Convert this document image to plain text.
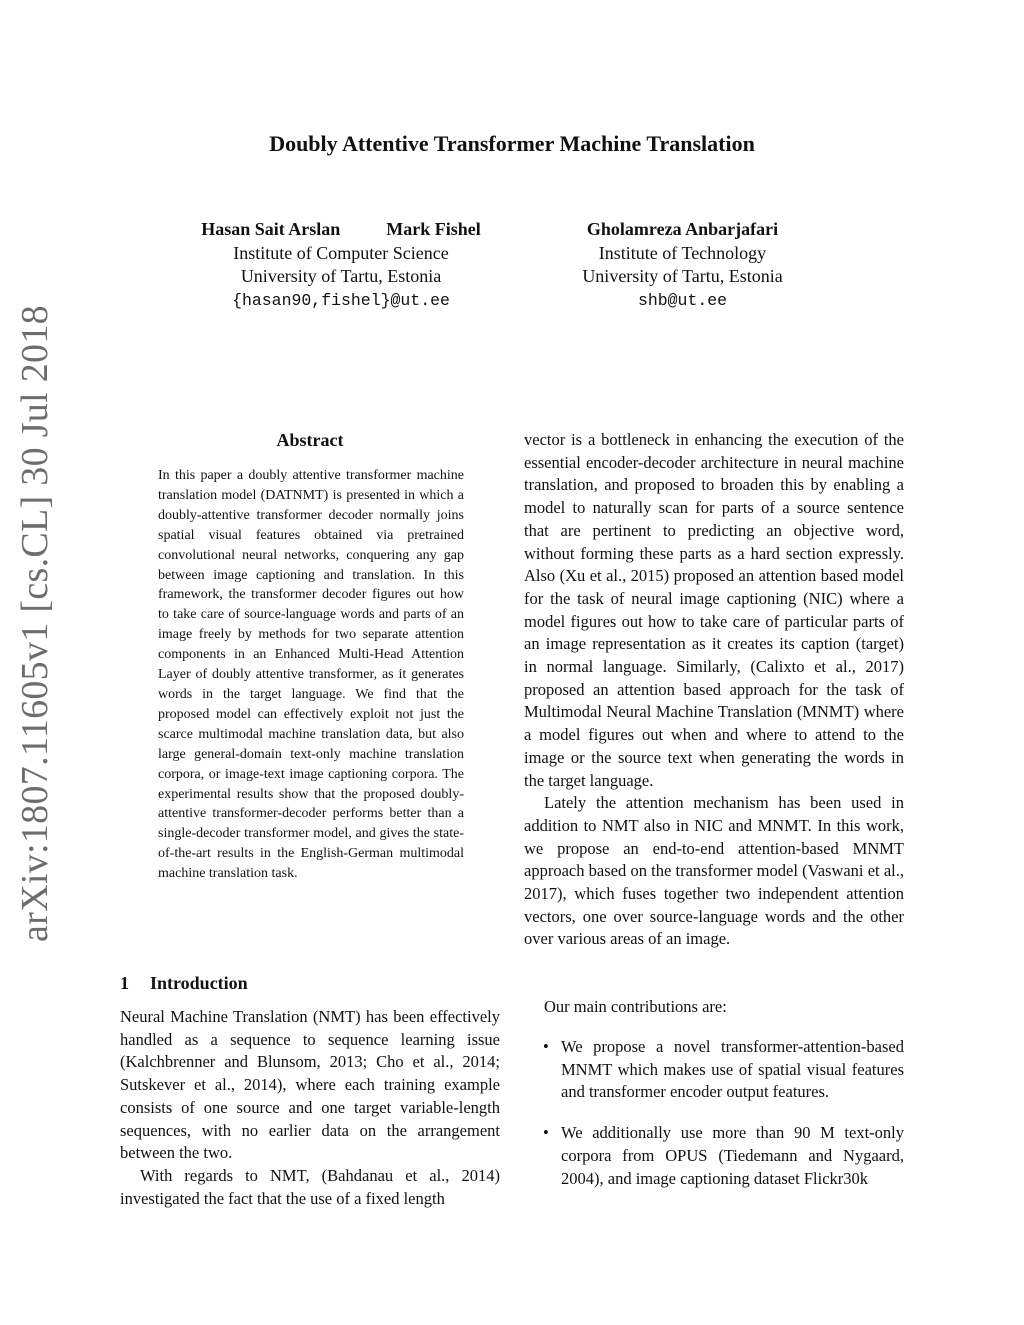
Doubly Attentive Transformer Machine Translation
Hasan Sait Arslan	Mark Fishel
Institute of Computer Science
University of Tartu, Estonia
{hasan90,fishel}@ut.ee
Gholamreza Anbarjafari
Institute of Technology
University of Tartu, Estonia
shb@ut.ee
arXiv:1807.11605v1 [cs.CL] 30 Jul 2018	Abstract
In this paper a doubly attentive transformer machine translation model (DATNMT) is presented in which a doubly-attentive transformer decoder normally joins spatial visual features obtained via pretrained convolutional neural networks, conquering any gap between image captioning and translation. In this framework, the transformer decoder figures out how to take care of source-language words and parts of an image freely by methods for two separate attention components in an Enhanced Multi-Head Attention Layer of doubly attentive transformer, as it generates words in the target language. We find that the proposed model can effectively exploit not just the scarce multimodal machine translation data, but also large general-domain text-only machine translation corpora, or image-text image captioning corpora. The experimental results show that the proposed doubly-attentive transformer-decoder performs better than a single-decoder transformer model, and gives the state-of-the-art results in the English-German multimodal machine translation task.
1 Introduction

Neural Machine Translation (NMT) has been effectively handled as a sequence to sequence learning issue (Kalchbrenner and Blunsom, 2013; Cho et al., 2014; Sutskever et al., 2014), where each training example consists of one source and one target variable-length sequences, with no earlier data on the arrangement between the two.

With regards to NMT, (Bahdanau et al., 2014) investigated the fact that the use of a fixed length

vector is a bottleneck in enhancing the execution of the essential encoder-decoder architecture in neural machine translation, and proposed to broaden this by enabling a model to naturally scan for parts of a source sentence that are pertinent to predicting an objective word, without forming these parts as a hard section expressly. Also (Xu et al., 2015) proposed an attention based model for the task of neural image captioning (NIC) where a model figures out how to take care of particular parts of an image representation as it creates its caption (target) in normal language. Similarly, (Calixto et al., 2017) proposed an attention based approach for the task of Multimodal Neural Machine Translation (MNMT) where a model figures out when and where to attend to the image or the source text when generating the words in the target language.

Lately the attention mechanism has been used in addition to NMT also in NIC and MNMT. In this work, we propose an end-to-end attention-based MNMT approach based on the transformer model (Vaswani et al., 2017), which fuses together two independent attention vectors, one over source-language words and the other over various areas of an image.

Our main contributions are:
• We propose a novel transformer-attention-based MNMT which makes use of spatial visual features and transformer encoder output features.
• We additionally use more than 90 M text-only corpora from OPUS (Tiedemann and Nygaard, 2004), and image captioning dataset Flickr30k
